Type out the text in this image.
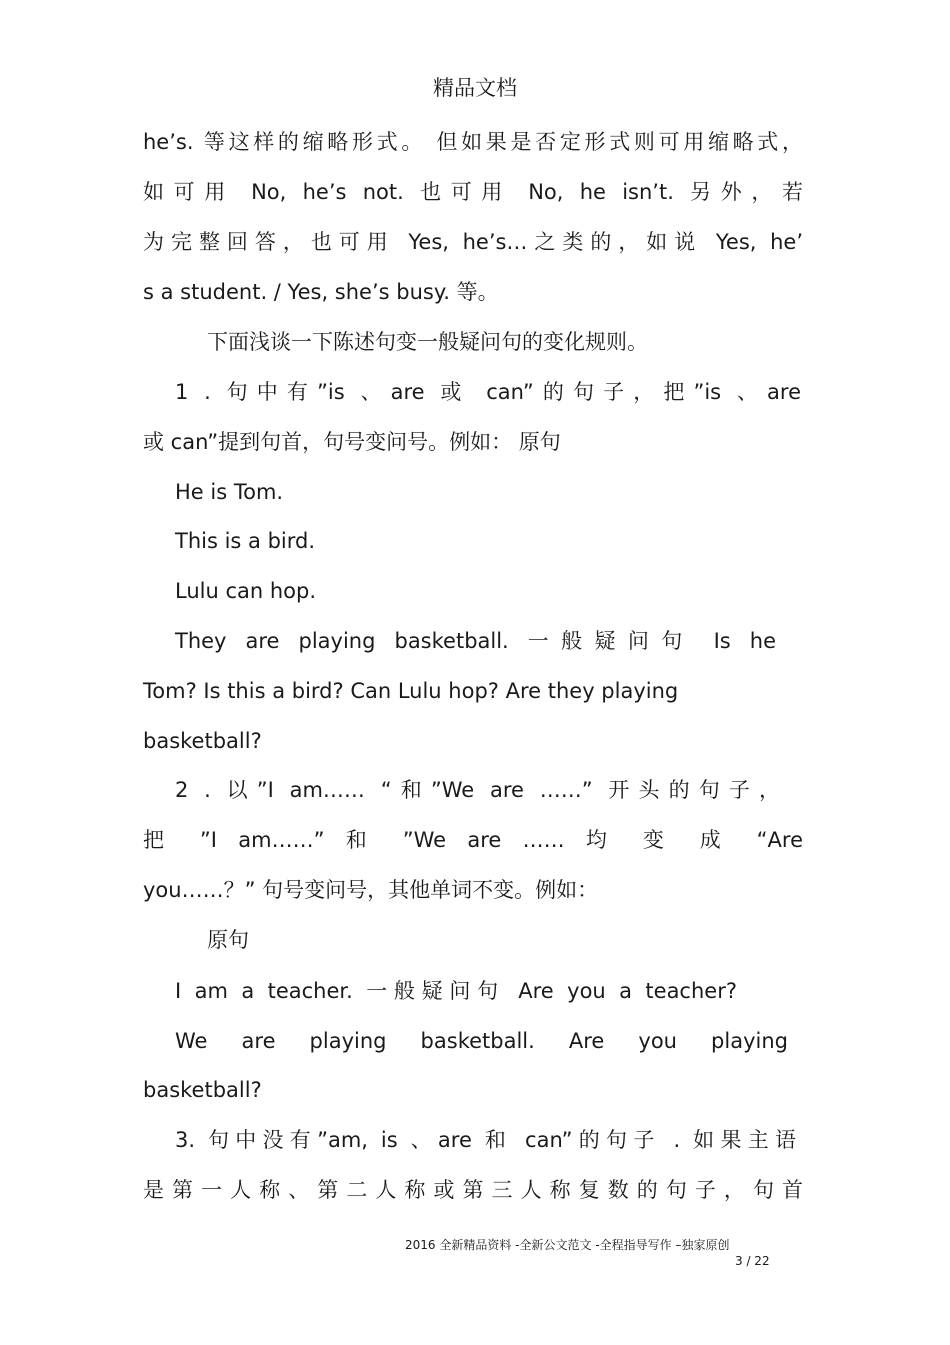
精品文档
he’s. 等这样的缩略形式。 但如果是否定形式则可用缩略式，
如可用 No, he’s not. 也可用 No, he isn’t. 另外，若
为完整回答，也可用 Yes, he’s…之类的，如说 Yes, he’
s a student. / Yes, she’s busy. 等。
下面浅谈一下陈述句变一般疑问句的变化规则。
1 . 句中有”is 、are 或 can”的句子，把”is 、are
或 can”提到句首，句号变问号。例如： 原句
He is Tom.
This is a bird.
Lulu can hop.
They are playing basketball. 一般疑问句 Is he
Tom? Is this a bird? Can Lulu hop? Are they playing
basketball?
2 . 以”I am…… “和”We are ……” 开头的句子，
把 ”I am……” 和 ”We are …… 均 变 成 “Are
you……？” 句号变问号，其他单词不变。例如：
原句
I am a teacher. 一般疑问句 Are you a teacher?
We are playing basketball. Are you playing
basketball?
3. 句中没有”am, is 、are 和 can”的句子 . 如果主语
是 第 一 人 称 、 第 二 人 称 或 第 三 人 称 复 数 的 句 子 ， 句 首
2016 全新精品资料 -全新公文范文 -全程指导写作 –独家原创
3 / 22
